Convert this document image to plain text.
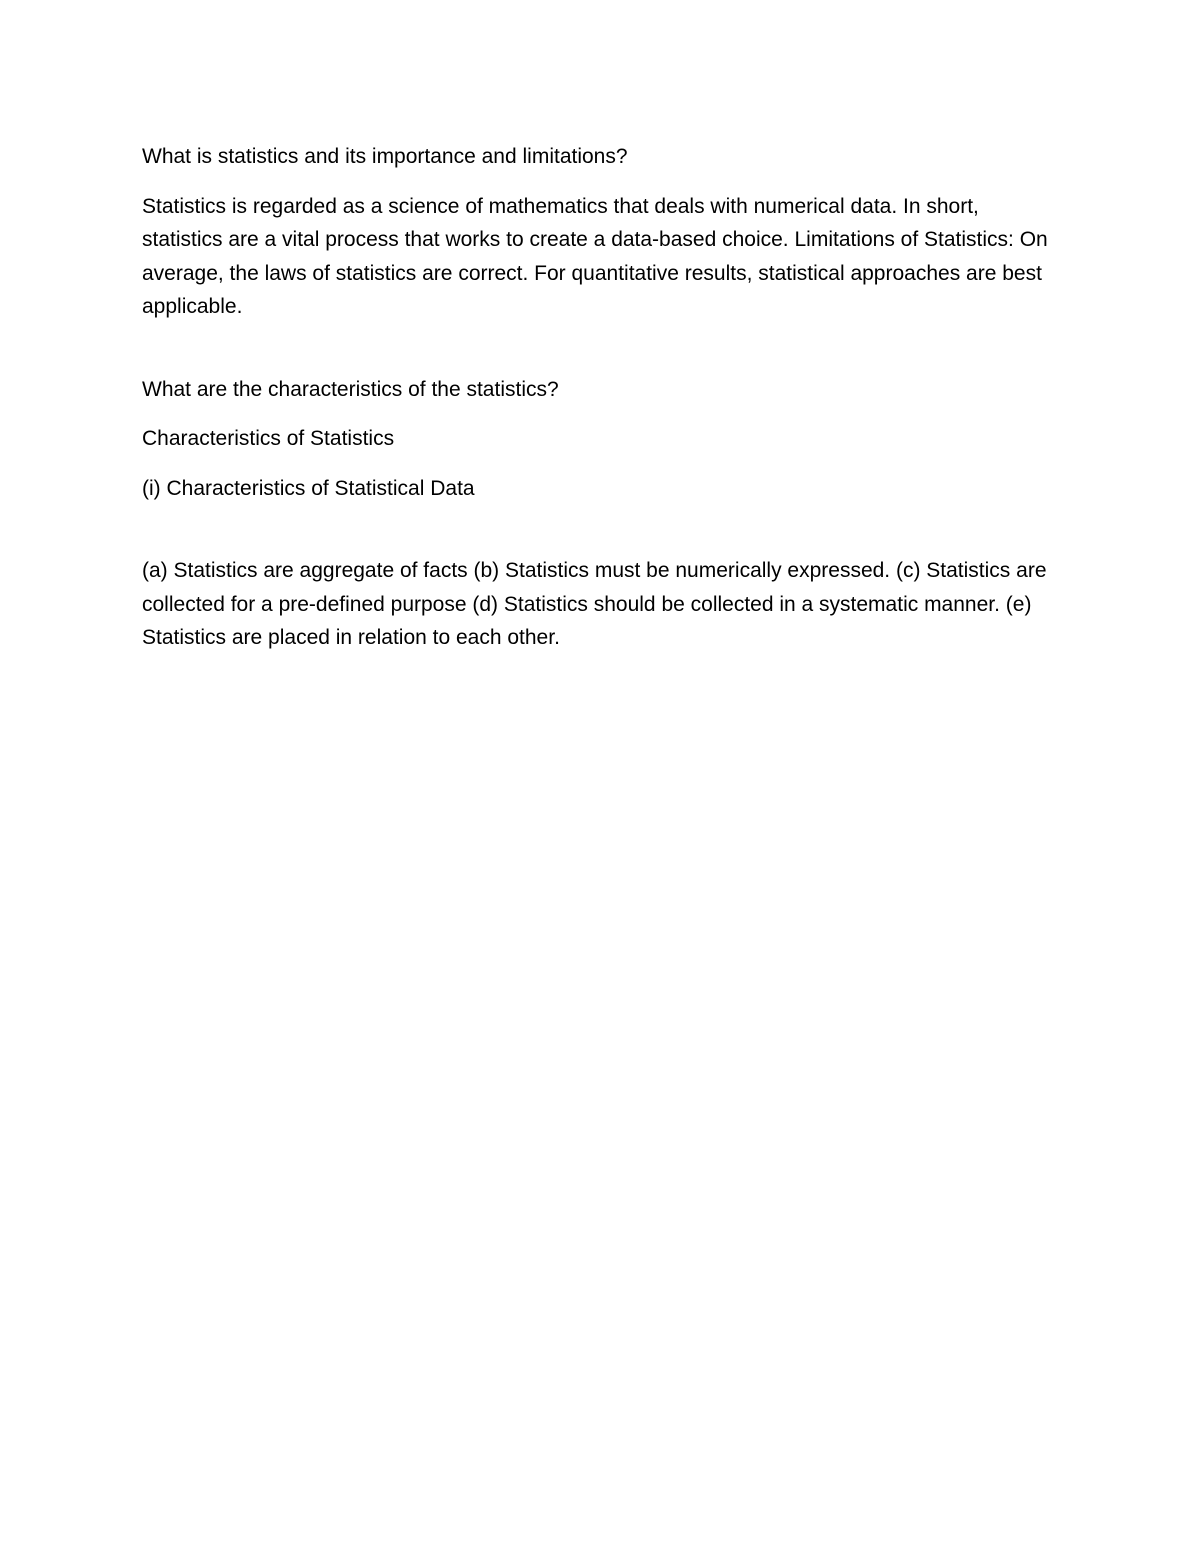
What is statistics and its importance and limitations?

Statistics is regarded as a science of mathematics that deals with numerical data. In short, statistics are a vital process that works to create a data-based choice. Limitations of Statistics: On average, the laws of statistics are correct. For quantitative results, statistical approaches are best applicable.

What are the characteristics of the statistics?

Characteristics of Statistics

(i) Characteristics of Statistical Data

(a) Statistics are aggregate of facts (b) Statistics must be numerically expressed. (c) Statistics are collected for a pre-defined purpose (d) Statistics should be collected in a systematic manner. (e) Statistics are placed in relation to each other.
